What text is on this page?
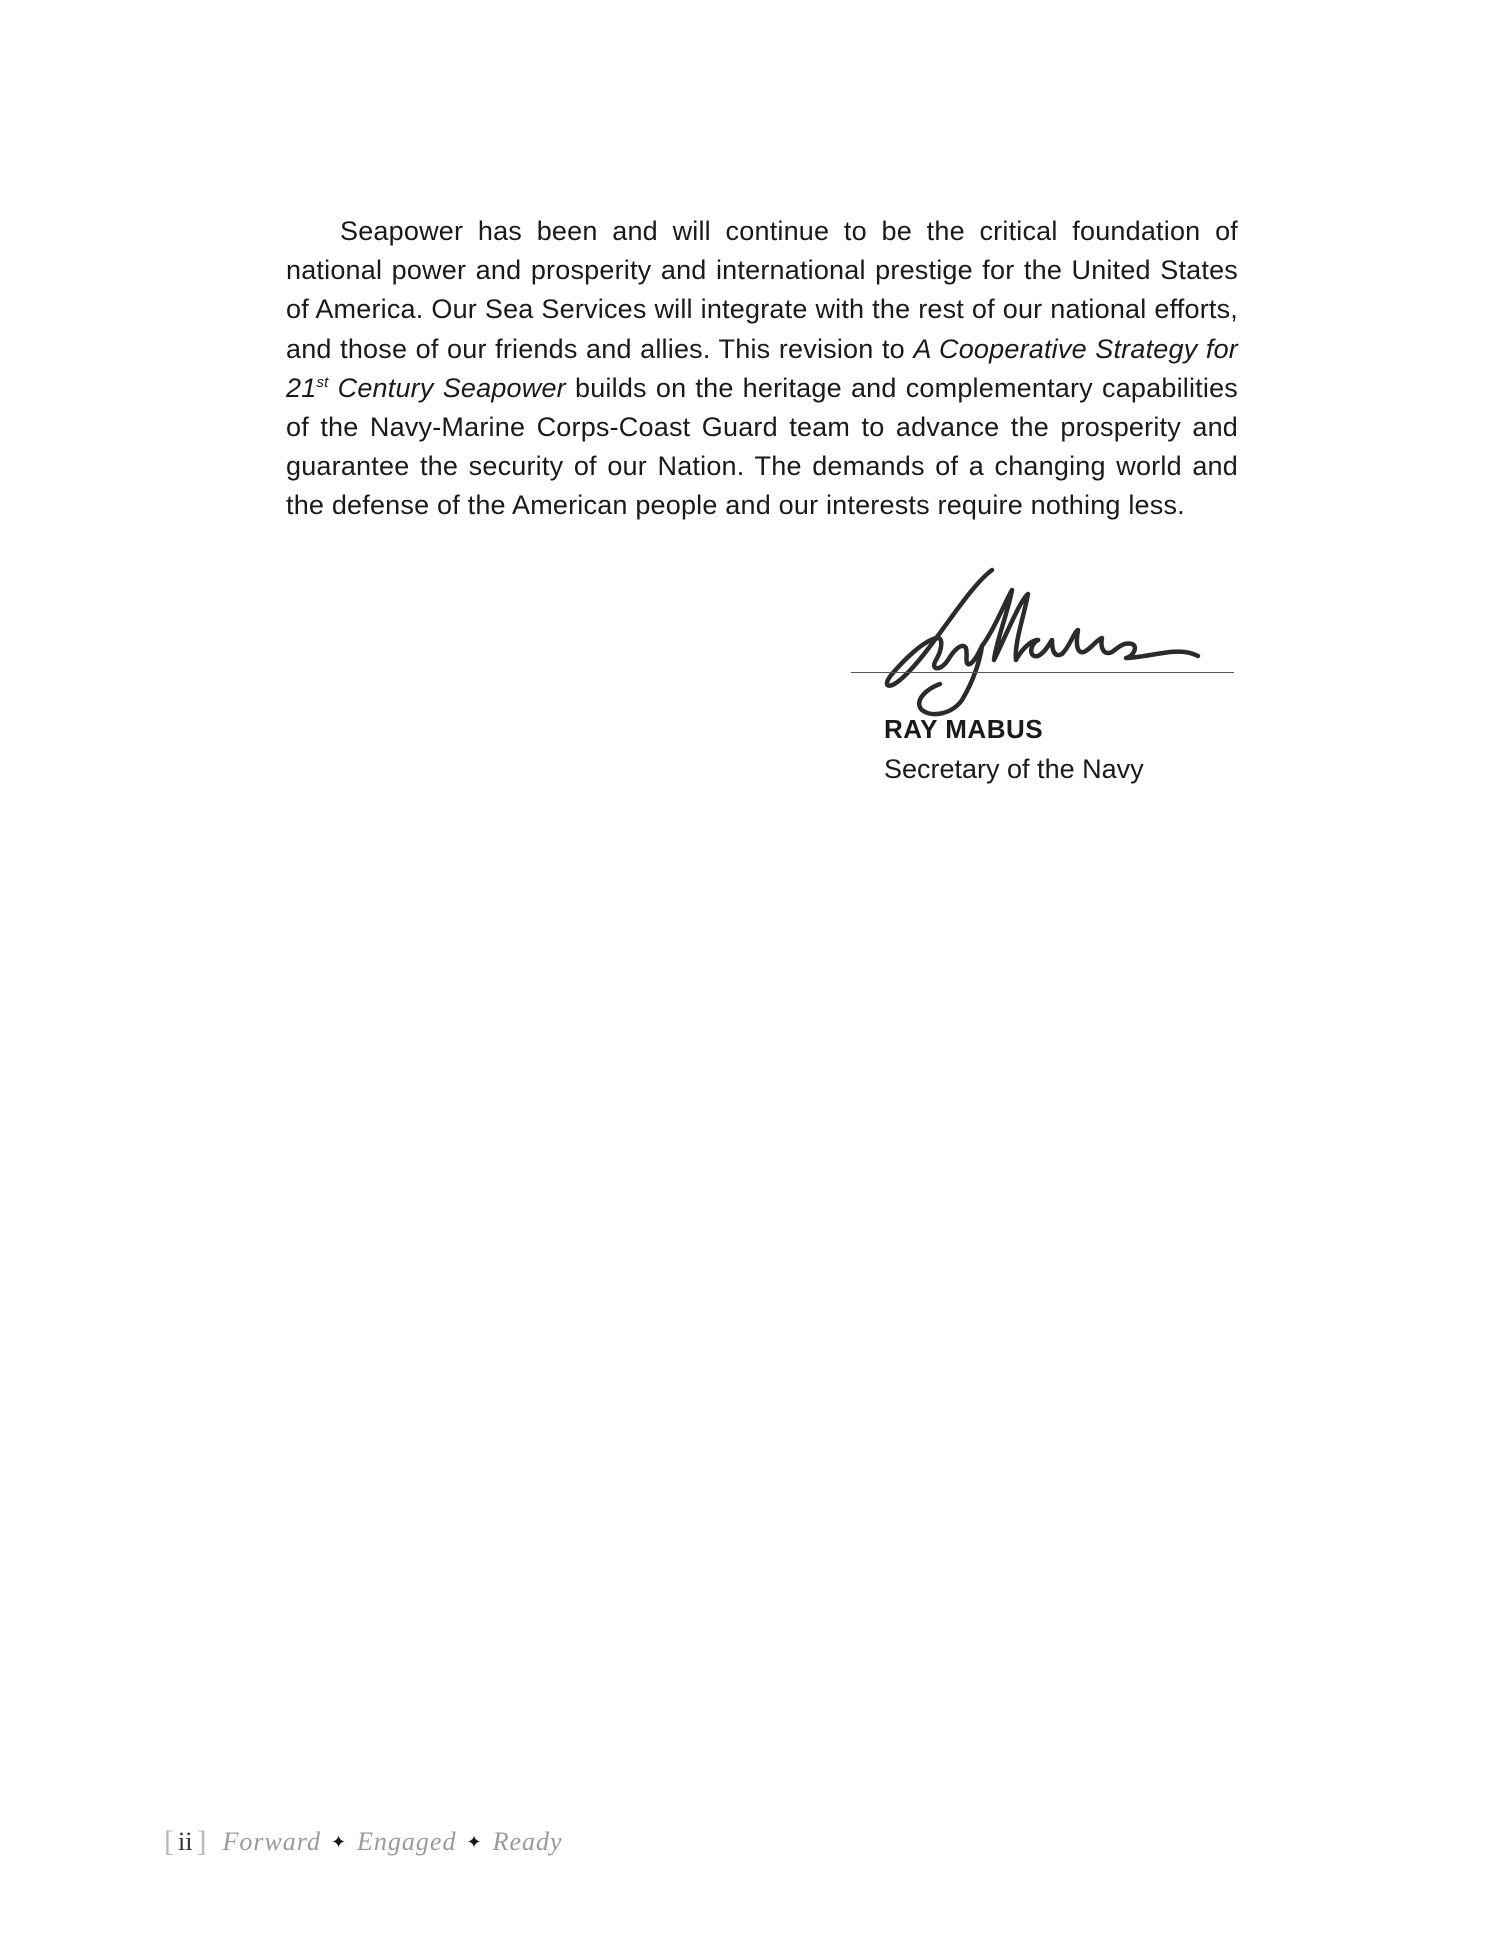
Seapower has been and will continue to be the critical foundation of national power and prosperity and international prestige for the United States of America. Our Sea Services will integrate with the rest of our national efforts, and those of our friends and allies. This revision to A Cooperative Strategy for 21st Century Seapower builds on the heritage and complementary capabilities of the Navy-Marine Corps-Coast Guard team to advance the prosperity and guarantee the security of our Nation. The demands of a changing world and the defense of the American people and our interests require nothing less.

RAY MABUS
Secretary of the Navy
[ ii ] Forward ✦ Engaged ✦ Ready
